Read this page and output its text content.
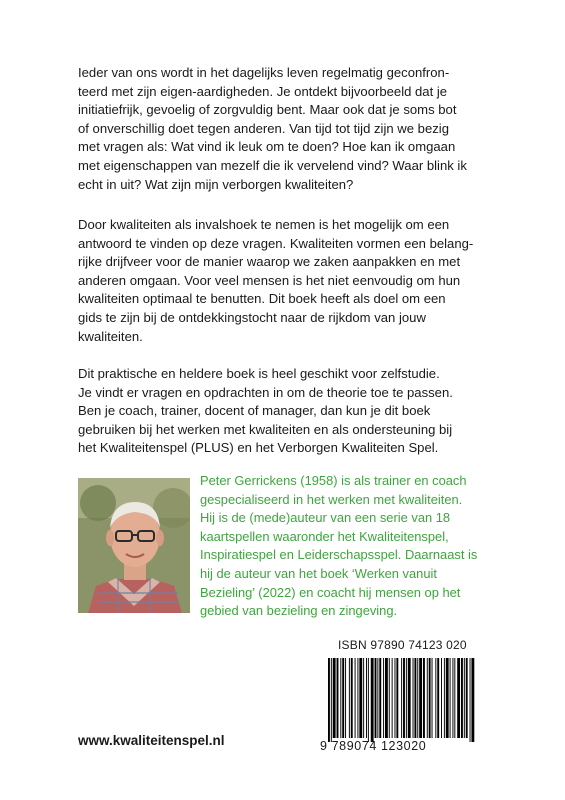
Ieder van ons wordt in het dagelijks leven regelmatig geconfron-
teerd met zijn eigen-aardigheden. Je ontdekt bijvoorbeeld dat je
initiatiefrijk, gevoelig of zorgvuldig bent. Maar ook dat je soms bot
of onverschillig doet tegen anderen. Van tijd tot tijd zijn we bezig
met vragen als: Wat vind ik leuk om te doen? Hoe kan ik omgaan
met eigenschappen van mezelf die ik vervelend vind? Waar blink ik
echt in uit? Wat zijn mijn verborgen kwaliteiten?
Door kwaliteiten als invalshoek te nemen is het mogelijk om een
antwoord te vinden op deze vragen. Kwaliteiten vormen een belang-
rijke drijfveer voor de manier waarop we zaken aanpakken en met
anderen omgaan. Voor veel mensen is het niet eenvoudig om hun
kwaliteiten optimaal te benutten. Dit boek heeft als doel om een
gids te zijn bij de ontdekkingstocht naar de rijkdom van jouw
kwaliteiten.
Dit praktische en heldere boek is heel geschikt voor zelfstudie.
Je vindt er vragen en opdrachten in om de theorie toe te passen.
Ben je coach, trainer, docent of manager, dan kun je dit boek
gebruiken bij het werken met kwaliteiten en als ondersteuning bij
het Kwaliteitenspel (PLUS) en het Verborgen Kwaliteiten Spel.
Peter Gerrickens (1958) is als trainer en coach
gespecialiseerd in het werken met kwaliteiten.
Hij is de (mede)auteur van een serie van 18
kaartspellen waaronder het Kwaliteitenspel,
Inspiratiespel en Leiderschapsspel. Daarnaast is
hij de auteur van het boek ‘Werken vanuit
Bezieling’ (2022) en coacht hij mensen op het
gebied van bezieling en zingeving.
ISBN 97890 74123 020
9 789074 123020
www.kwaliteitenspel.nl
